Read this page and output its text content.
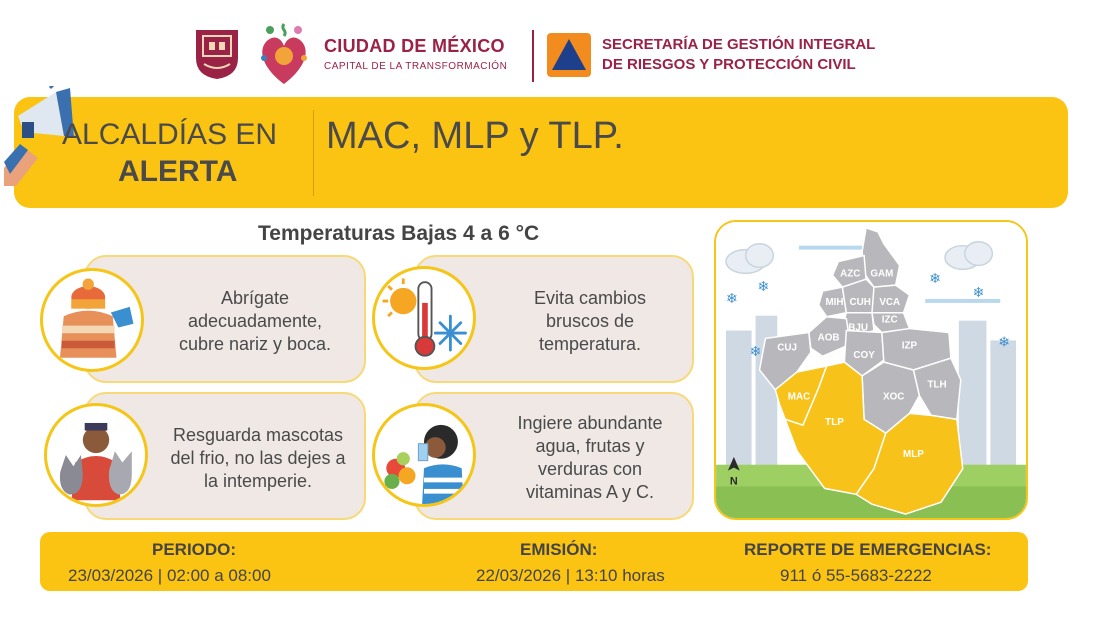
CIUDAD DE MÉXICO
CAPITAL DE LA TRANSFORMACIÓN
SECRETARÍA DE GESTIÓN INTEGRAL
DE RIESGOS Y PROTECCIÓN CIVIL
ALCALDÍAS EN
ALERTA
MAC, MLP y TLP.
Temperaturas Bajas 4 a 6 °C
Abrígate
adecuadamente,
cubre nariz y boca.
Evita cambios
bruscos de
temperatura.
Resguarda mascotas
del frio, no las dejes a
la intemperie.
Ingiere abundante
agua, frutas y
verduras con
vitaminas A y C.
❄
❄	❄
❄
❄
❄
AZC GAM
MIH CUH VCA
IZC
BJU
AOB
CUJ
COY
IZP
TLH
MAC	XOC
TLP
MLP
N
PERIODO:
23/03/2026 | 02:00 a 08:00
EMISIÓN:
22/03/2026 | 13:10 horas
REPORTE DE EMERGENCIAS:
911 ó 55-5683-2222
